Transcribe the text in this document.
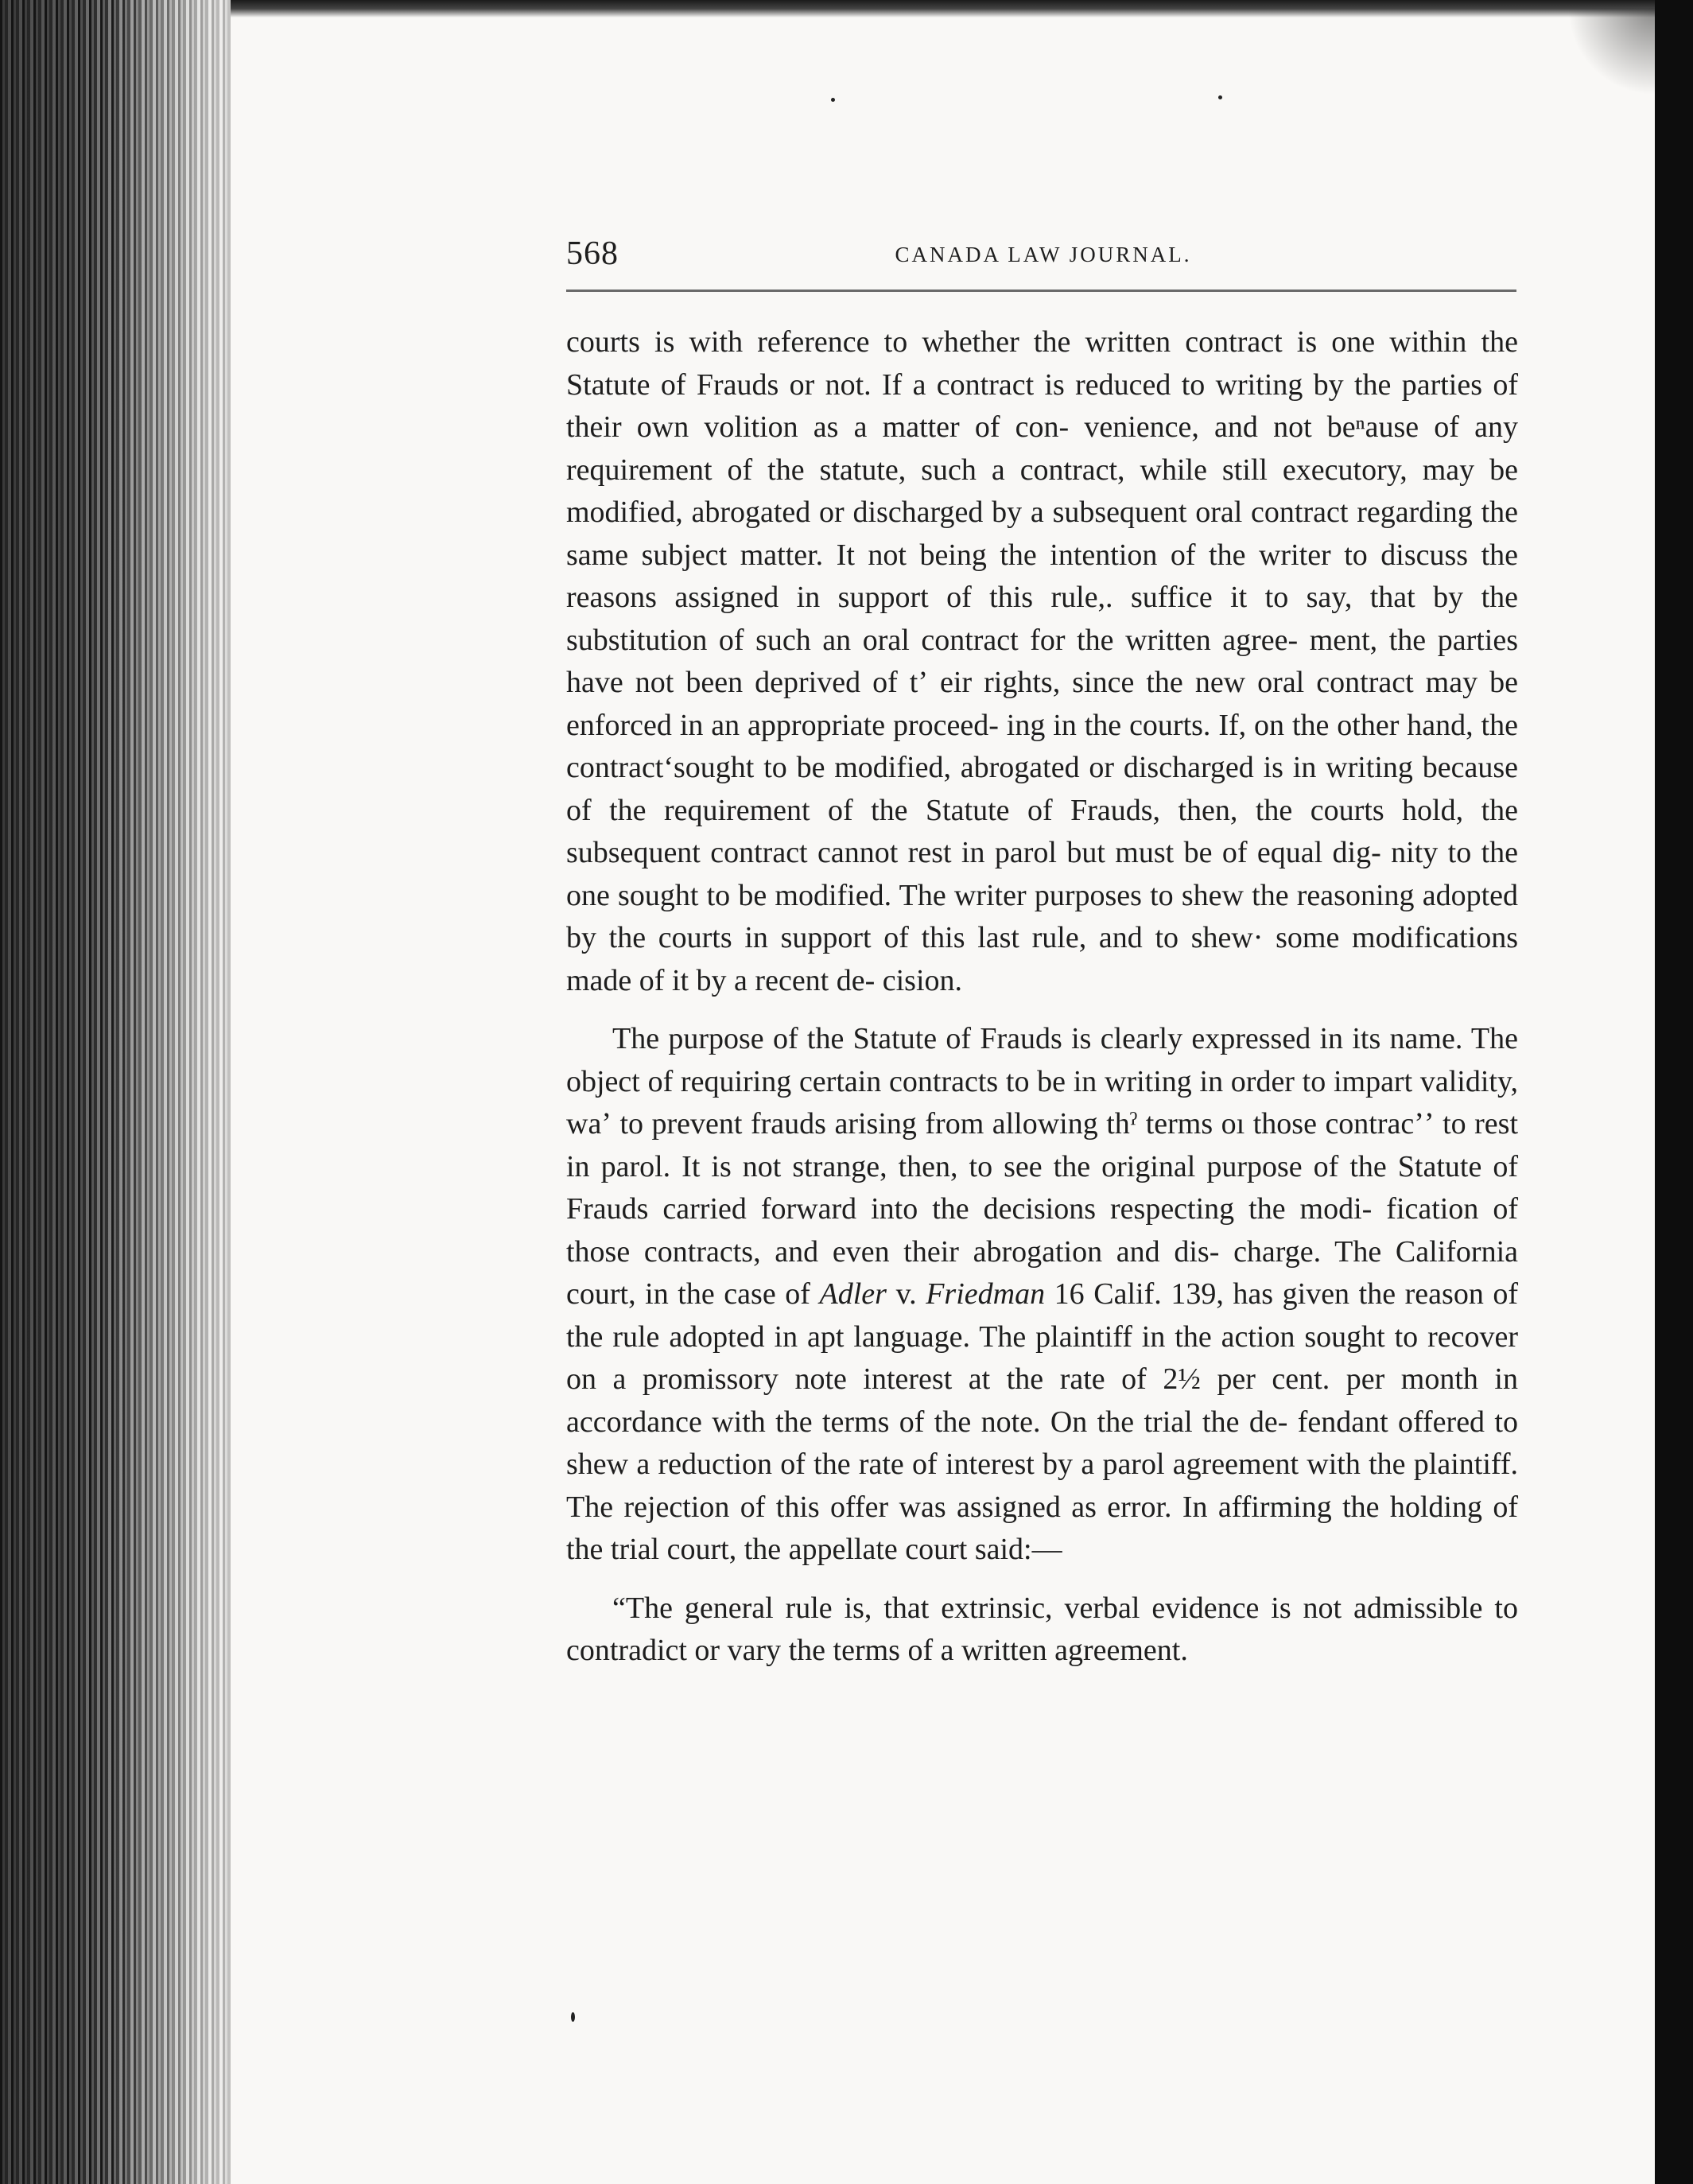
568	CANADA LAW JOURNAL.

courts is with reference to whether the written contract is one within the Statute of Frauds or not. If a contract is reduced to writing by the parties of their own volition as a matter of con- venience, and not beⁿause of any requirement of the statute, such a contract, while still executory, may be modified, abrogated or discharged by a subsequent oral contract regarding the same subject matter. It not being the intention of the writer to discuss the reasons assigned in support of this rule,. suffice it to say, that by the substitution of such an oral contract for the written agree- ment, the parties have not been deprived of tʼ eir rights, since the new oral contract may be enforced in an appropriate proceed- ing in the courts. If, on the other hand, the contractʻsought to be modified, abrogated or discharged is in writing because of the requirement of the Statute of Frauds, then, the courts hold, the subsequent contract cannot rest in parol but must be of equal dig- nity to the one sought to be modified. The writer purposes to shew the reasoning adopted by the courts in support of this last rule, and to shew· some modifications made of it by a recent de- cision.

The purpose of the Statute of Frauds is clearly expressed in its name. The object of requiring certain contracts to be in writing in order to impart validity, waʼ to prevent frauds arising from allowing thˀ terms oı those contracʼʼ to rest in parol. It is not strange, then, to see the original purpose of the Statute of Frauds carried forward into the decisions respecting the modi- fication of those contracts, and even their abrogation and dis- charge. The California court, in the case of Adler v. Friedman 16 Calif. 139, has given the reason of the rule adopted in apt language. The plaintiff in the action sought to recover on a promissory note interest at the rate of 2½ per cent. per month in accordance with the terms of the note. On the trial the de- fendant offered to shew a reduction of the rate of interest by a parol agreement with the plaintiff. The rejection of this offer was assigned as error. In affirming the holding of the trial court, the appellate court said:—

“The general rule is, that extrinsic, verbal evidence is not admissible to contradict or vary the terms of a written agreement.
